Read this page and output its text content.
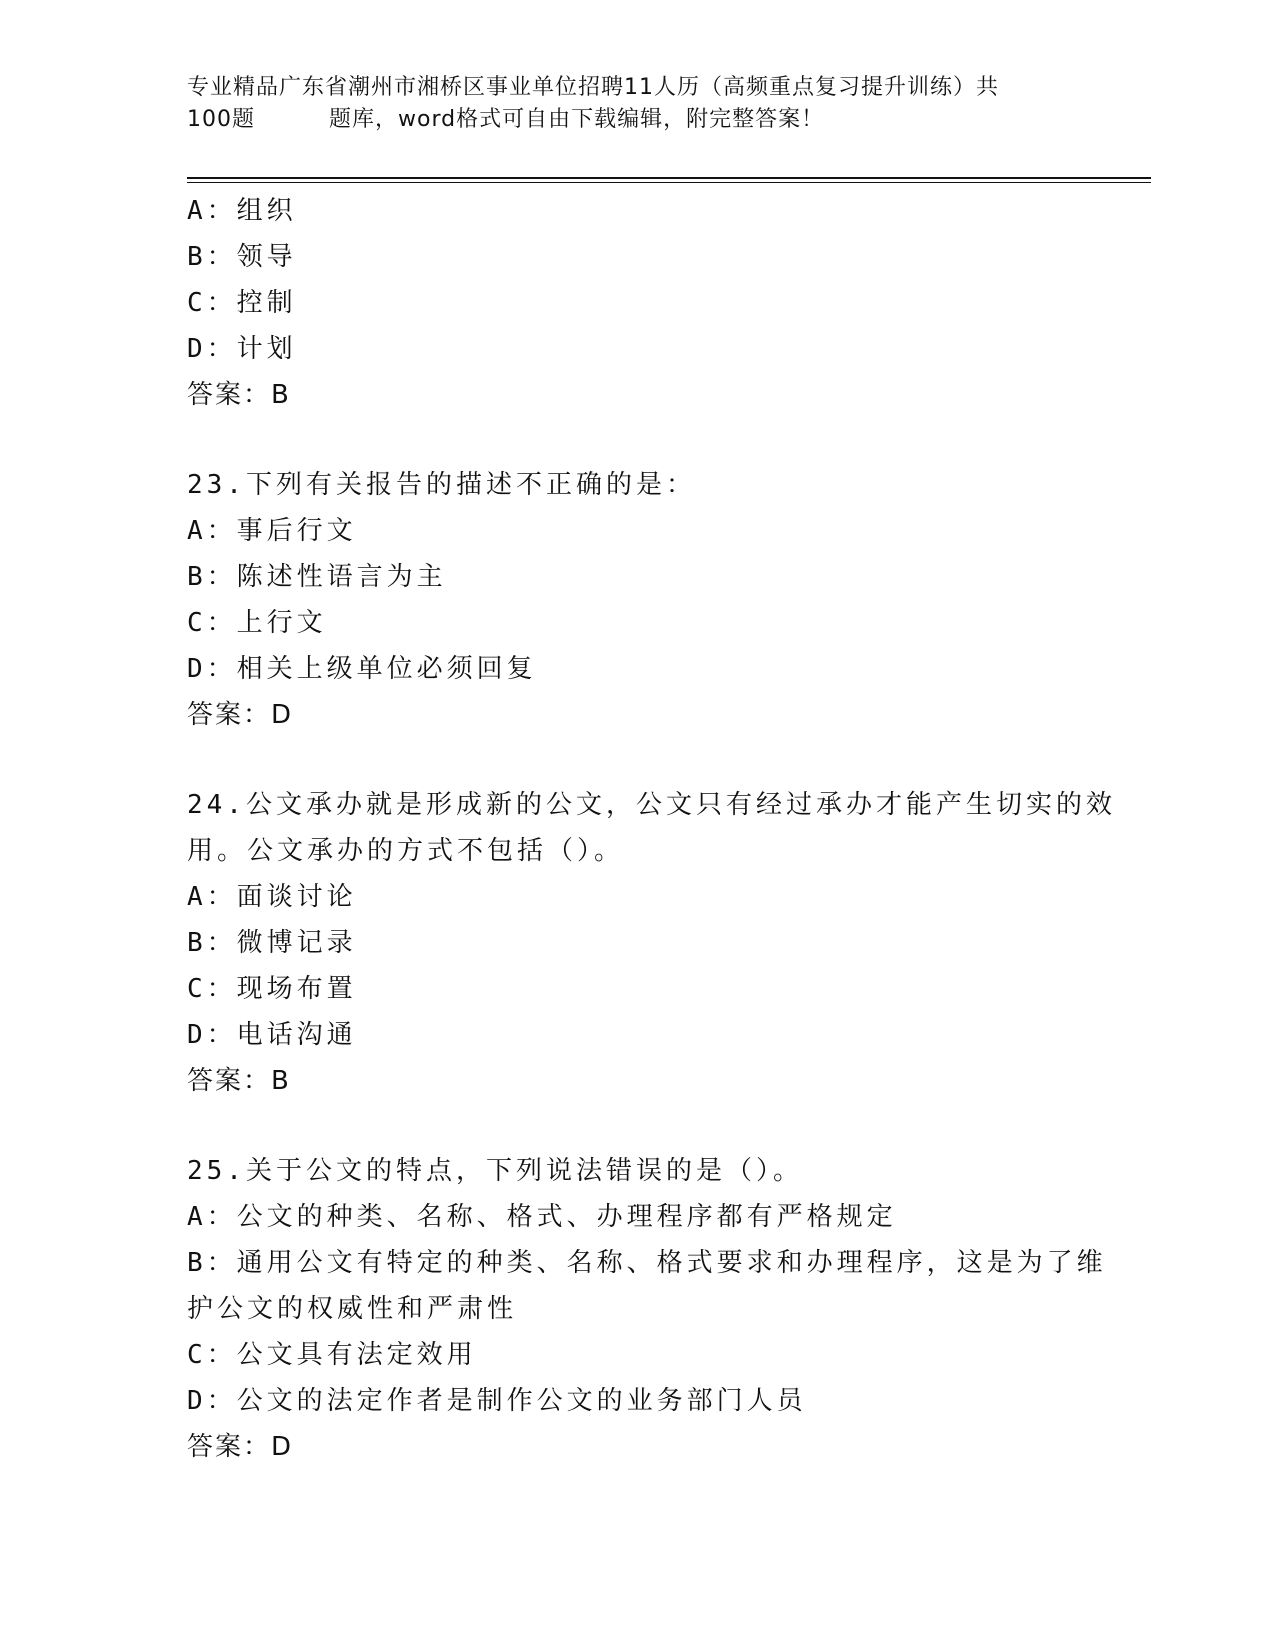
专业精品广东省潮州市湘桥区事业单位招聘11人历（高频重点复习提升训练）共
100题	题库，word格式可自由下载编辑，附完整答案！
A：组织
B：领导
C：控制
D：计划
答案：B
23.下列有关报告的描述不正确的是：
A：事后行文
B：陈述性语言为主
C：上行文
D：相关上级单位必须回复
答案：D
24.公文承办就是形成新的公文，公文只有经过承办才能产生切实的效
用。公文承办的方式不包括（）。
A：面谈讨论
B：微博记录
C：现场布置
D：电话沟通
答案：B
25.关于公文的特点，下列说法错误的是（）。
A：公文的种类、名称、格式、办理程序都有严格规定
B：通用公文有特定的种类、名称、格式要求和办理程序，这是为了维
护公文的权威性和严肃性
C：公文具有法定效用
D：公文的法定作者是制作公文的业务部门人员
答案：D
